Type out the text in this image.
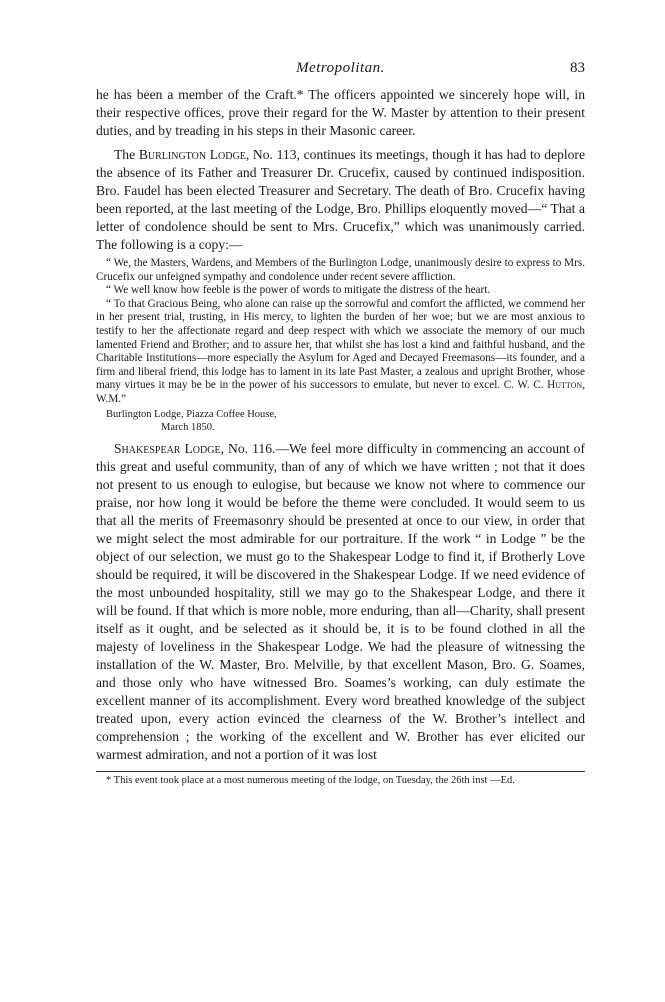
Metropolitan.	83

he has been a member of the Craft.* The officers appointed we sincerely hope will, in their respective offices, prove their regard for the W. Master by attention to their present duties, and by treading in his steps in their Masonic career.

The Burlington Lodge, No. 113, continues its meetings, though it has had to deplore the absence of its Father and Treasurer Dr. Crucefix, caused by continued indisposition. Bro. Faudel has been elected Treasurer and Secretary. The death of Bro. Crucefix having been reported, at the last meeting of the Lodge, Bro. Phillips eloquently moved—“ That a letter of condolence should be sent to Mrs. Crucefix,” which was unanimously carried. The following is a copy:—

“ We, the Masters, Wardens, and Members of the Burlington Lodge, unanimously desire to express to Mrs. Crucefix our unfeigned sympathy and condolence under recent severe affliction.

“ We well know how feeble is the power of words to mitigate the distress of the heart.

“ To that Gracious Being, who alone can raise up the sorrowful and comfort the afflicted, we commend her in her present trial, trusting, in His mercy, to lighten the burden of her woe; but we are most anxious to testify to her the affectionate regard and deep respect with which we associate the memory of our much lamented Friend and Brother; and to assure her, that whilst she has lost a kind and faithful husband, and the Charitable Institutions—more especially the Asylum for Aged and Decayed Freemasons—its founder, and a firm and liberal friend, this lodge has to lament in its late Past Master, a zealous and upright Brother, whose many virtues it may be be in the power of his successors to emulate, but never to excel. C. W. C. Hutton, W.M.”

Burlington Lodge, Piazza Coffee House,
March 1850.

Shakespear Lodge, No. 116.—We feel more difficulty in commencing an account of this great and useful community, than of any of which we have written ; not that it does not present to us enough to eulogise, but because we know not where to commence our praise, nor how long it would be before the theme were concluded. It would seem to us that all the merits of Freemasonry should be presented at once to our view, in order that we might select the most admirable for our portraiture. If the work “ in Lodge ” be the object of our selection, we must go to the Shakespear Lodge to find it, if Brotherly Love should be required, it will be discovered in the Shakespear Lodge. If we need evidence of the most unbounded hospitality, still we may go to the Shakespear Lodge, and there it will be found. If that which is more noble, more enduring, than all—Charity, shall present itself as it ought, and be selected as it should be, it is to be found clothed in all the majesty of loveliness in the Shakespear Lodge. We had the pleasure of witnessing the installation of the W. Master, Bro. Melville, by that excellent Mason, Bro. G. Soames, and those only who have witnessed Bro. Soames’s working, can duly estimate the excellent manner of its accomplishment. Every word breathed knowledge of the subject treated upon, every action evinced the clearness of the W. Brother’s intellect and comprehension ; the working of the excellent and W. Brother has ever elicited our warmest admiration, and not a portion of it was lost

* This event took place at a most numerous meeting of the lodge, on Tuesday, the 26th inst —Ed.
